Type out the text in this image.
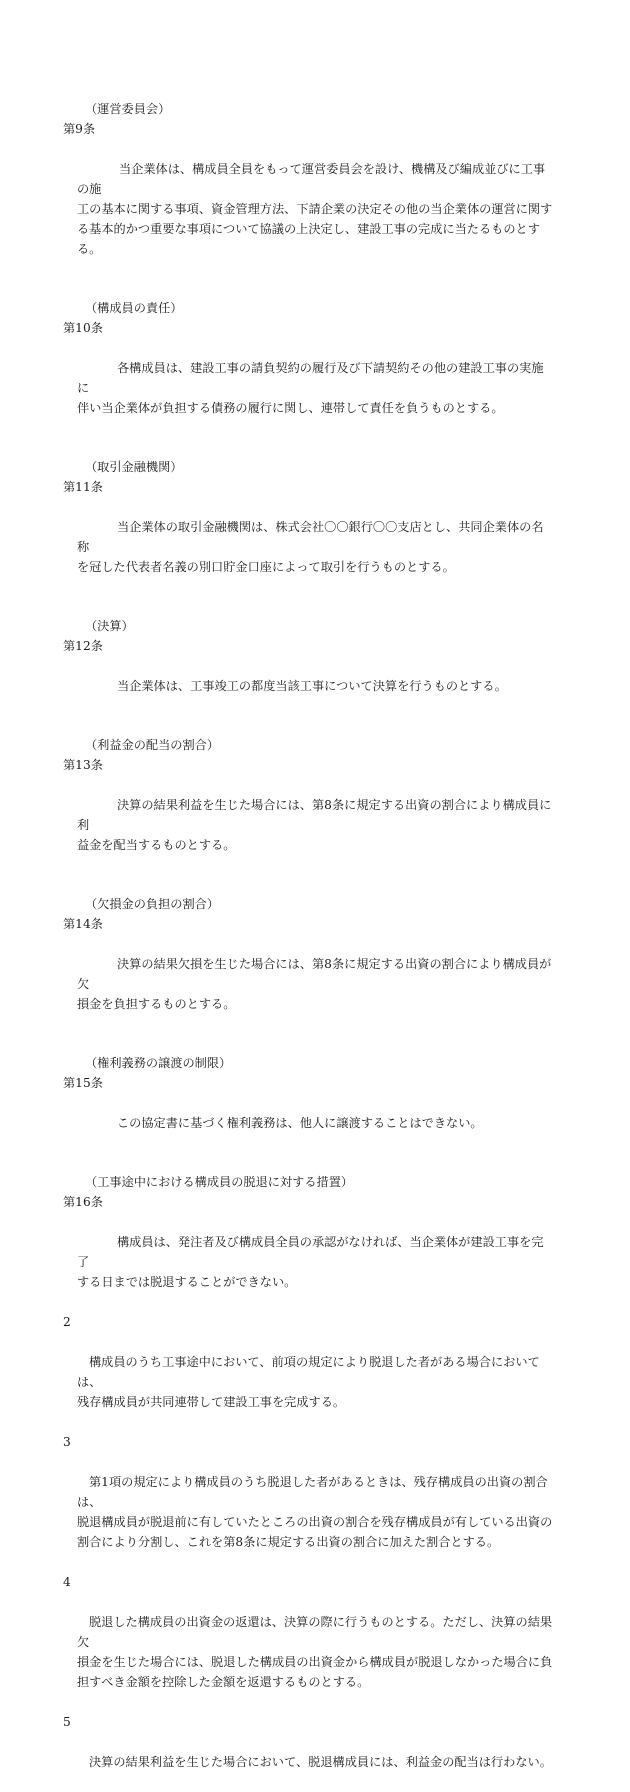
（運営委員会）

第9条

当企業体は、構成員全員をもって運営委員会を設け、機構及び編成並びに工事の施
工の基本に関する事項、資金管理方法、下請企業の決定その他の当企業体の運営に関す
る基本的かつ重要な事項について協議の上決定し、建設工事の完成に当たるものとする。

（構成員の責任）

第10条

各構成員は、建設工事の請負契約の履行及び下請契約その他の建設工事の実施に
伴い当企業体が負担する債務の履行に関し、連帯して責任を負うものとする。

（取引金融機関）

第11条

当企業体の取引金融機関は、株式会社〇〇銀行〇〇支店とし、共同企業体の名称
を冠した代表者名義の別口貯金口座によって取引を行うものとする。

（決算）

第12条

当企業体は、工事竣工の都度当該工事について決算を行うものとする。

（利益金の配当の割合）

第13条

決算の結果利益を生じた場合には、第8条に規定する出資の割合により構成員に利
益金を配当するものとする。

（欠損金の負担の割合）

第14条

決算の結果欠損を生じた場合には、第8条に規定する出資の割合により構成員が欠
損金を負担するものとする。

（権利義務の譲渡の制限）

第15条

この協定書に基づく権利義務は、他人に譲渡することはできない。

（工事途中における構成員の脱退に対する措置）

第16条

構成員は、発注者及び構成員全員の承認がなければ、当企業体が建設工事を完了
する日までは脱退することができない。

2

構成員のうち工事途中において、前項の規定により脱退した者がある場合においては、
残存構成員が共同連帯して建設工事を完成する。

3

第1項の規定により構成員のうち脱退した者があるときは、残存構成員の出資の割合は、
脱退構成員が脱退前に有していたところの出資の割合を残存構成員が有している出資の
割合により分割し、これを第8条に規定する出資の割合に加えた割合とする。

4

脱退した構成員の出資金の返還は、決算の際に行うものとする。ただし、決算の結果欠
損金を生じた場合には、脱退した構成員の出資金から構成員が脱退しなかった場合に負
担すべき金額を控除した金額を返還するものとする。

5

決算の結果利益を生じた場合において、脱退構成員には、利益金の配当は行わない。
